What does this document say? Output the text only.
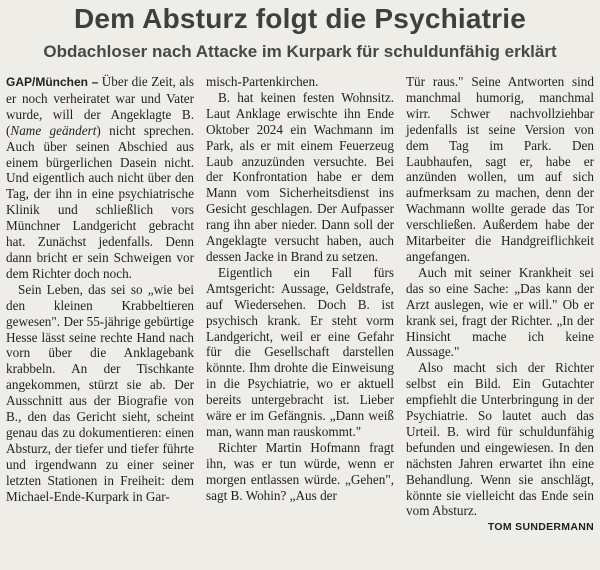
Dem Absturz folgt die Psychiatrie
Obdachloser nach Attacke im Kurpark für schuldunfähig erklärt

GAP/München – Über die Zeit, als er noch verheiratet war und Vater wurde, will der Angeklagte B. (Name geändert) nicht sprechen. Auch über seinen Abschied aus einem bürgerlichen Dasein nicht. Und eigentlich auch nicht über den Tag, der ihn in eine psychiatrische Klinik und schließlich vors Münchner Landgericht gebracht hat. Zunächst jedenfalls. Denn dann bricht er sein Schweigen vor dem Richter doch noch.

Sein Leben, das sei so „wie bei den kleinen Krabbeltieren gewesen". Der 55-jährige gebürtige Hesse lässt seine rechte Hand nach vorn über die Anklagebank krabbeln. An der Tischkante angekommen, stürzt sie ab. Der Ausschnitt aus der Biografie von B., den das Gericht sieht, scheint genau das zu dokumentieren: einen Absturz, der tiefer und tiefer führte und irgendwann zu einer seiner letzten Stationen in Freiheit: dem Michael-Ende-Kurpark in Gar-

misch-Partenkirchen.

B. hat keinen festen Wohnsitz. Laut Anklage erwischte ihn Ende Oktober 2024 ein Wachmann im Park, als er mit einem Feuerzeug Laub anzuzünden versuchte. Bei der Konfrontation habe er dem Mann vom Sicherheitsdienst ins Gesicht geschlagen. Der Aufpasser rang ihn aber nieder. Dann soll der Angeklagte versucht haben, auch dessen Jacke in Brand zu setzen.

Eigentlich ein Fall fürs Amtsgericht: Aussage, Geldstrafe, auf Wiedersehen. Doch B. ist psychisch krank. Er steht vorm Landgericht, weil er eine Gefahr für die Gesellschaft darstellen könnte. Ihm drohte die Einweisung in die Psychiatrie, wo er aktuell bereits untergebracht ist. Lieber wäre er im Gefängnis. „Dann weiß man, wann man rauskommt."

Richter Martin Hofmann fragt ihn, was er tun würde, wenn er morgen entlassen würde. „Gehen", sagt B. Wohin? „Aus der

Tür raus." Seine Antworten sind manchmal humorig, manchmal wirr. Schwer nachvollziehbar jedenfalls ist seine Version von dem Tag im Park. Den Laubhaufen, sagt er, habe er anzünden wollen, um auf sich aufmerksam zu machen, denn der Wachmann wollte gerade das Tor verschließen. Außerdem habe der Mitarbeiter die Handgreiflichkeit angefangen.

Auch mit seiner Krankheit sei das so eine Sache: „Das kann der Arzt auslegen, wie er will." Ob er krank sei, fragt der Richter. „In der Hinsicht mache ich keine Aussage."

Also macht sich der Richter selbst ein Bild. Ein Gutachter empfiehlt die Unterbringung in der Psychiatrie. So lautet auch das Urteil. B. wird für schuldunfähig befunden und eingewiesen. In den nächsten Jahren erwartet ihn eine Behandlung. Wenn sie anschlägt, könnte sie vielleicht das Ende sein vom Absturz.
TOM SUNDERMANN
